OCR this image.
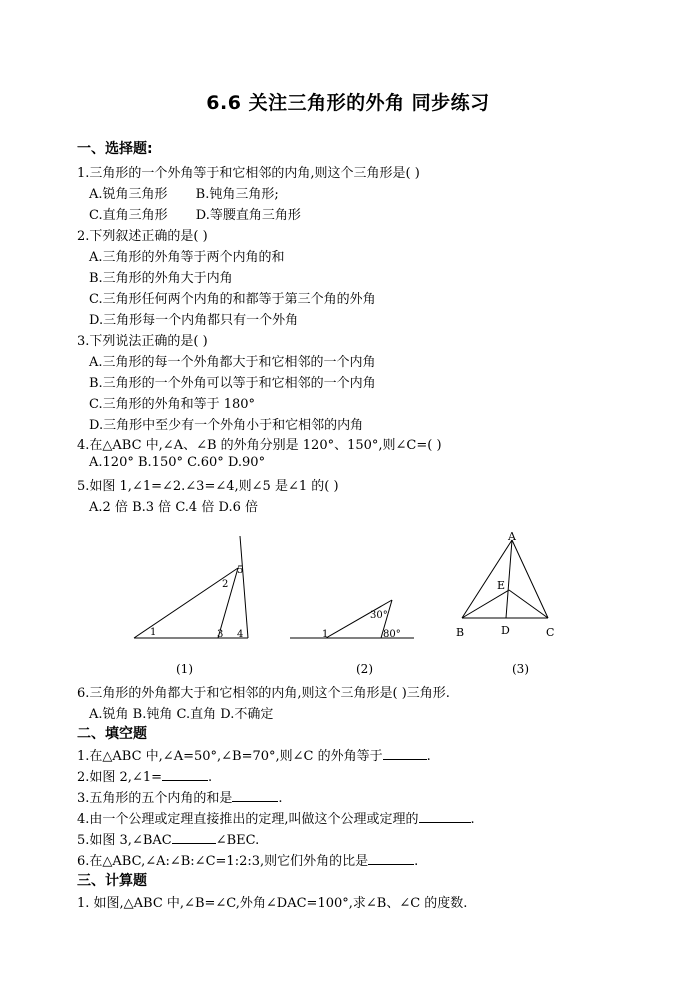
6.6 关注三角形的外角 同步练习
一、选择题:
1.三角形的一个外角等于和它相邻的内角,则这个三角形是( )
A.锐角三角形 B.钝角三角形;
C.直角三角形 D.等腰直角三角形
2.下列叙述正确的是( )
A.三角形的外角等于两个内角的和
B.三角形的外角大于内角
C.三角形任何两个内角的和都等于第三个角的外角
D.三角形每一个内角都只有一个外角
3.下列说法正确的是( )
A.三角形的每一个外角都大于和它相邻的一个内角
B.三角形的一个外角可以等于和它相邻的一个内角
C.三角形的外角和等于 180°
D.三角形中至少有一个外角小于和它相邻的内角
4.在△ABC 中,∠A、∠B 的外角分别是 120°、150°,则∠C=( )
A.120° B.150° C.60° D.90°
5.如图 1,∠1=∠2.∠3=∠4,则∠5 是∠1 的( )
A.2 倍 B.3 倍 C.4 倍 D.6 倍
1
2
3 4
5
(1)
1
30°
80°
(2)
A
B	C
D
E
(3)
6.三角形的外角都大于和它相邻的内角,则这个三角形是( )三角形.
A.锐角 B.钝角 C.直角 D.不确定
二、填空题
1.在△ABC 中,∠A=50°,∠B=70°,则∠C 的外角等于	.
2.如图 2,∠1=	.
3.五角形的五个内角的和是	.
4.由一个公理或定理直接推出的定理,叫做这个公理或定理的	.
5.如图 3,∠BAC	∠BEC.
6.在△ABC,∠A:∠B:∠C=1:2:3,则它们外角的比是	.
三、计算题
1. 如图,△ABC 中,∠B=∠C,外角∠DAC=100°,求∠B、∠C 的度数.
